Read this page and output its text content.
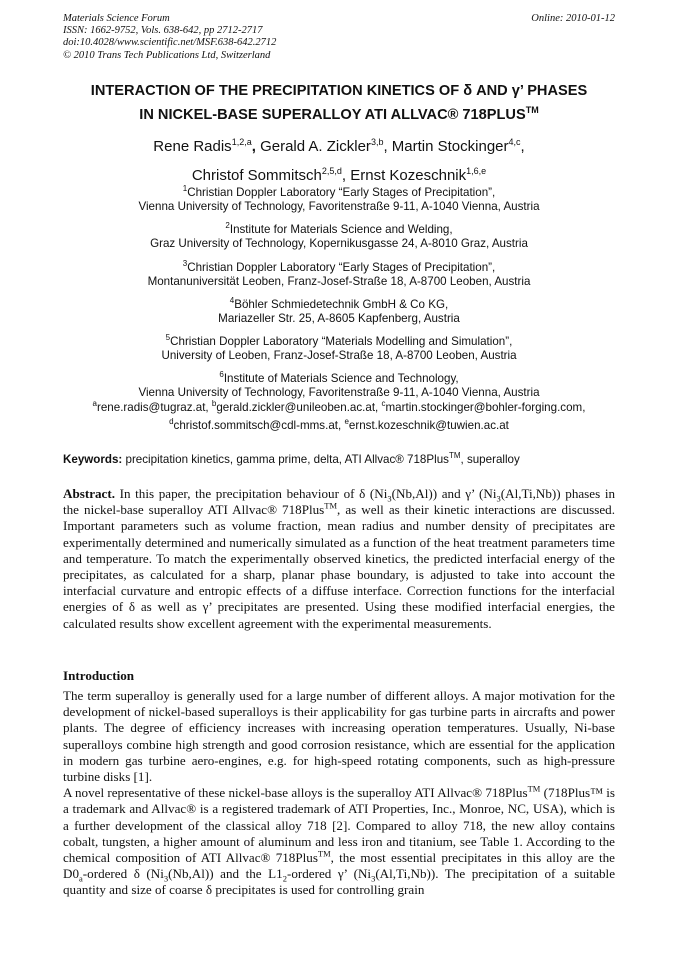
Materials Science Forum
ISSN: 1662-9752, Vols. 638-642, pp 2712-2717
doi:10.4028/www.scientific.net/MSF.638-642.2712
© 2010 Trans Tech Publications Ltd, Switzerland
Online: 2010-01-12
INTERACTION OF THE PRECIPITATION KINETICS OF δ AND γ’ PHASES
IN NICKEL-BASE SUPERALLOY ATI ALLVAC® 718PLUS™
Rene Radis$^{1,2,a}$, Gerald A. Zickler$^{3,b}$, Martin Stockinger$^{4,c}$,
Christof Sommitsch$^{2,5,d}$, Ernst Kozeschnik$^{1,6,e}$
$^1$Christian Doppler Laboratory “Early Stages of Precipitation”,
Vienna University of Technology, Favoritenstraße 9-11, A-1040 Vienna, Austria
$^2$Institute for Materials Science and Welding,
Graz University of Technology, Kopernikusgasse 24, A-8010 Graz, Austria
$^3$Christian Doppler Laboratory “Early Stages of Precipitation”,
Montanuniversität Leoben, Franz-Josef-Straße 18, A-8700 Leoben, Austria
$^4$Böhler Schmiedetechnik GmbH & Co KG,
Mariazeller Str. 25, A-8605 Kapfenberg, Austria
$^5$Christian Doppler Laboratory “Materials Modelling and Simulation”,
University of Leoben, Franz-Josef-Straße 18, A-8700 Leoben, Austria
$^6$Institute of Materials Science and Technology,
Vienna University of Technology, Favoritenstraße 9-11, A-1040 Vienna, Austria
$^a$rene.radis@tugraz.at, $^b$gerald.zickler@unileoben.ac.at, $^c$martin.stockinger@bohler-forging.com,
$^d$christof.sommitsch@cdl-mms.at, $^e$ernst.kozeschnik@tuwien.ac.at
Keywords: precipitation kinetics, gamma prime, delta, ATI Allvac® 718Plus™, superalloy
Abstract. In this paper, the precipitation behaviour of δ $(Ni_3(Nb,Al))$ and γ’ $(Ni_3(Al,Ti,Nb))$ phases in the nickel-base superalloy ATI Allvac® 718Plus™, as well as their kinetic interactions are discussed. Important parameters such as volume fraction, mean radius and number density of precipitates are experimentally determined and numerically simulated as a function of the heat treatment parameters time and temperature. To match the experimentally observed kinetics, the predicted interfacial energy of the precipitates, as calculated for a sharp, planar phase boundary, is adjusted to take into account the interfacial curvature and entropic effects of a diffuse interface. Correction functions for the interfacial energies of δ as well as γ’ precipitates are presented. Using these modified interfacial energies, the calculated results show excellent agreement with the experimental measurements.
Introduction

The term superalloy is generally used for a large number of different alloys. A major motivation for the development of nickel-based superalloys is their applicability for gas turbine parts in aircrafts and power plants. The degree of efficiency increases with increasing operation temperatures. Usually, Ni-base superalloys combine high strength and good corrosion resistance, which are essential for the application in modern gas turbine aero-engines, e.g. for high-speed rotating components, such as high-pressure turbine disks [1].

A novel representative of these nickel-base alloys is the superalloy ATI Allvac® 718Plus™ (718Plus™ is a trademark and Allvac® is a registered trademark of ATI Properties, Inc., Monroe, NC, USA), which is a further development of the classical alloy 718 [2]. Compared to alloy 718, the new alloy contains cobalt, tungsten, a higher amount of aluminum and less iron and titanium, see Table 1. According to the chemical composition of ATI Allvac® 718Plus™, the most essential precipitates in this alloy are the $D0_a$-ordered δ $(Ni_3(Nb,Al))$ and the $L1_2$-ordered γ’ $(Ni_3(Al,Ti,Nb))$. The precipitation of a suitable quantity and size of coarse δ precipitates is used for controlling grain
